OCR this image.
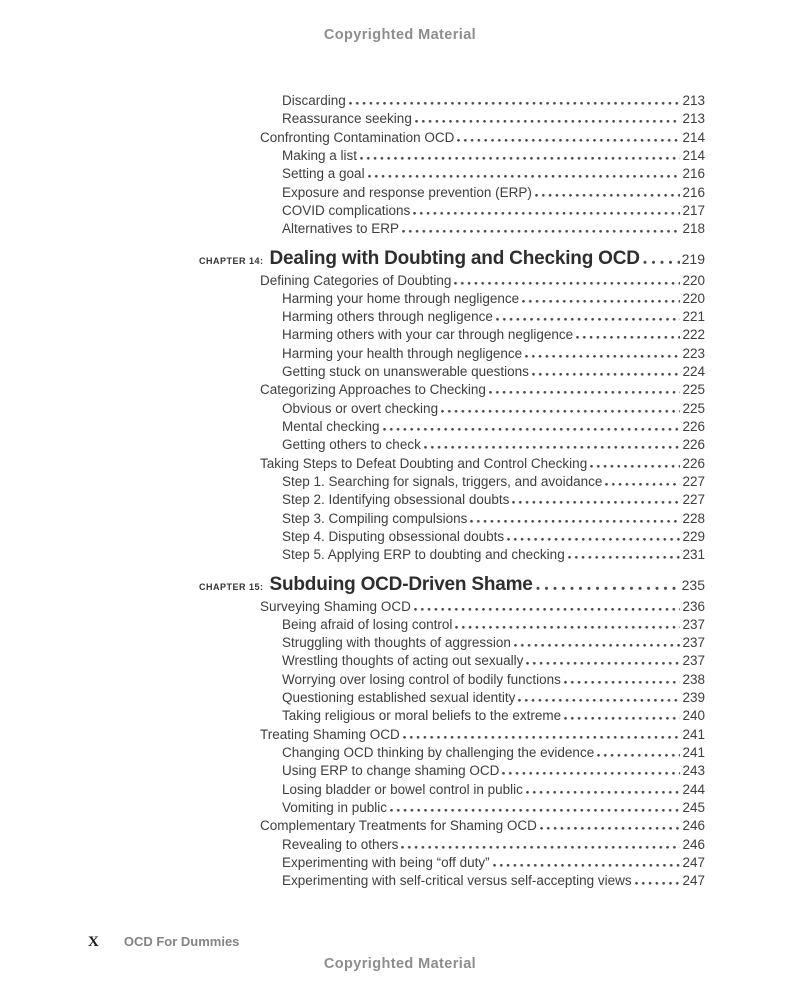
Copyrighted Material
Discarding	213
Reassurance seeking	213
Confronting Contamination OCD	214
Making a list	214
Setting a goal	216
Exposure and response prevention (ERP)	216
COVID complications	217
Alternatives to ERP	218
CHAPTER 14: Dealing with Doubting and Checking OCD	219
Defining Categories of Doubting	220
Harming your home through negligence	220
Harming others through negligence	221
Harming others with your car through negligence	222
Harming your health through negligence	223
Getting stuck on unanswerable questions	224
Categorizing Approaches to Checking	225
Obvious or overt checking	225
Mental checking	226
Getting others to check	226
Taking Steps to Defeat Doubting and Control Checking	226
Step 1. Searching for signals, triggers, and avoidance	227
Step 2. Identifying obsessional doubts	227
Step 3. Compiling compulsions	228
Step 4. Disputing obsessional doubts	229
Step 5. Applying ERP to doubting and checking	231
CHAPTER 15: Subduing OCD-Driven Shame	235
Surveying Shaming OCD	236
Being afraid of losing control	237
Struggling with thoughts of aggression	237
Wrestling thoughts of acting out sexually	237
Worrying over losing control of bodily functions	238
Questioning established sexual identity	239
Taking religious or moral beliefs to the extreme	240
Treating Shaming OCD	241
Changing OCD thinking by challenging the evidence	241
Using ERP to change shaming OCD	243
Losing bladder or bowel control in public	244
Vomiting in public	245
Complementary Treatments for Shaming OCD	246
Revealing to others	246
Experimenting with being “off duty”	247
Experimenting with self-critical versus self-accepting views	247
X OCD For Dummies
Copyrighted Material
